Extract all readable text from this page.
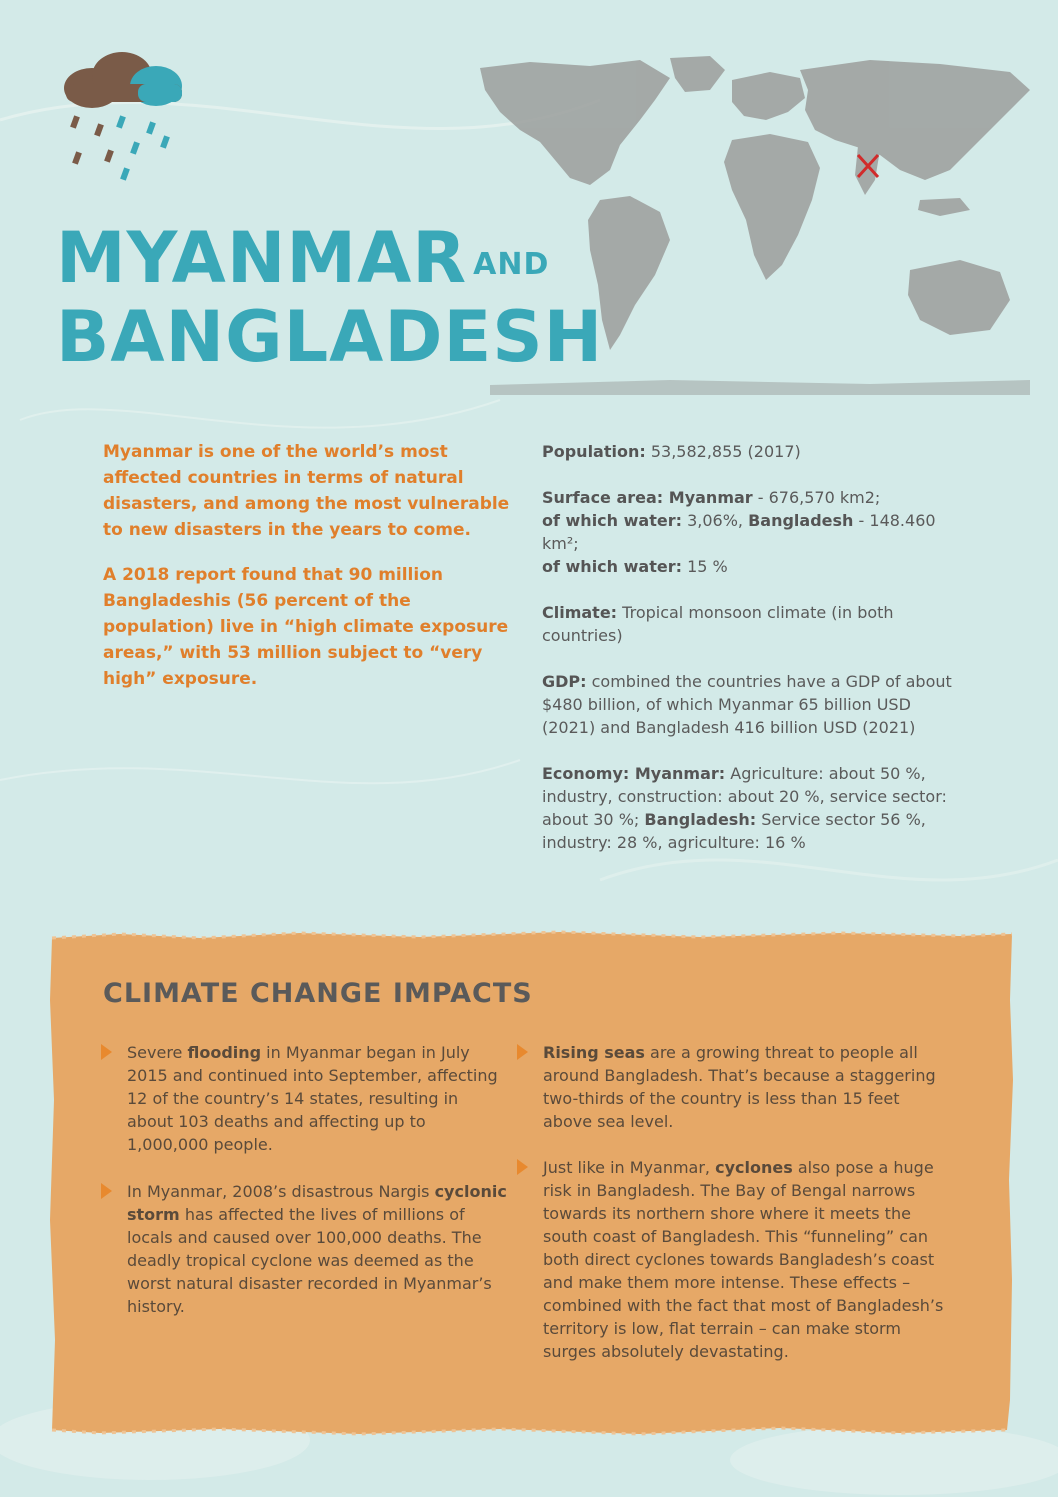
MYANMAR AND
BANGLADESH

Myanmar is one of the world’s most affected countries in terms of natural disasters, and among the most vulnerable to new disasters in the years to come.

A 2018 report found that 90 million Bangladeshis (56 percent of the population) live in “high climate exposure areas,” with 53 million subject to “very high” exposure.

Population: 53,582,855 (2017)

Surface area: Myanmar - 676,570 km2;
of which water: 3,06%, Bangladesh - 148.460 km²;
of which water: 15 %

Climate: Tropical monsoon climate (in both countries)

GDP: combined the countries have a GDP of about $480 billion, of which Myanmar 65 billion USD (2021) and Bangladesh 416 billion USD (2021)

Economy: Myanmar: Agriculture: about 50 %, industry, construction: about 20 %, service sector: about 30 %; Bangladesh: Service sector 56 %, industry: 28 %, agriculture: 16 %

CLIMATE CHANGE IMPACTS

Severe flooding in Myanmar began in July 2015 and continued into September, affecting 12 of the country’s 14 states, resulting in about 103 deaths and affecting up to 1,000,000 people.

In Myanmar, 2008’s disastrous Nargis cyclonic storm has affected the lives of millions of locals and caused over 100,000 deaths. The deadly tropical cyclone was deemed as the worst natural disaster recorded in Myanmar’s history.

Rising seas are a growing threat to people all around Bangladesh. That’s because a staggering two-thirds of the country is less than 15 feet above sea level.

Just like in Myanmar, cyclones also pose a huge risk in Bangladesh. The Bay of Bengal narrows towards its northern shore where it meets the south coast of Bangladesh. This “funneling” can both direct cyclones towards Bangladesh’s coast and make them more intense. These effects – combined with the fact that most of Bangladesh’s territory is low, flat terrain – can make storm surges absolutely devastating.
